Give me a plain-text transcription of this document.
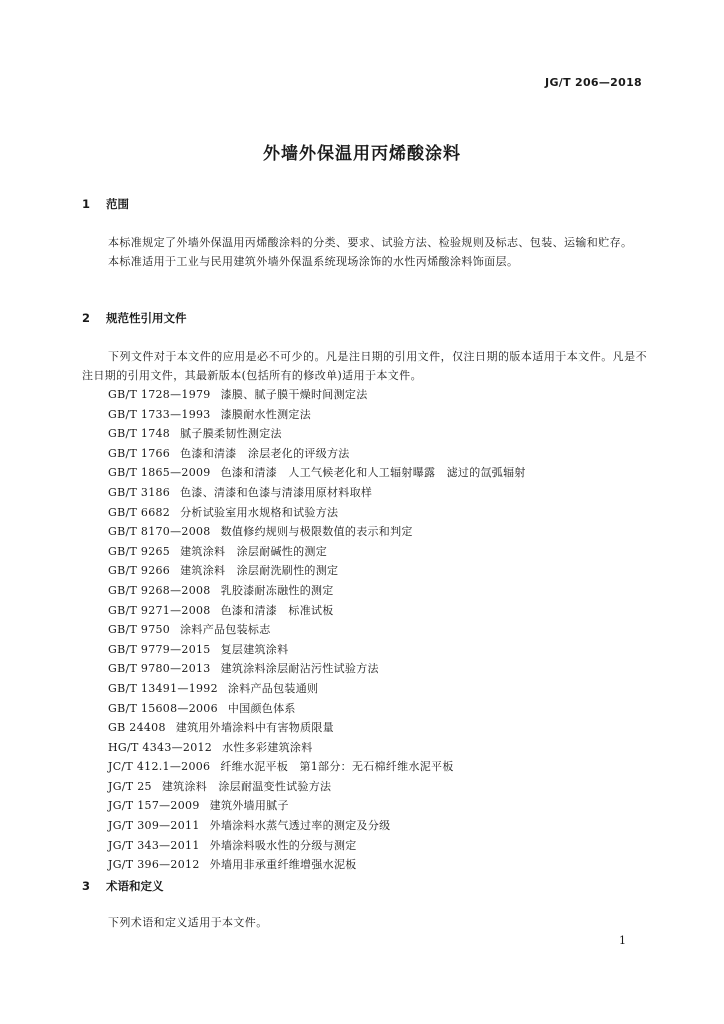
JG/T 206—2018
外墙外保温用丙烯酸涂料
1 范围

本标准规定了外墙外保温用丙烯酸涂料的分类、要求、试验方法、检验规则及标志、包装、运输和贮存。

本标准适用于工业与民用建筑外墙外保温系统现场涂饰的水性丙烯酸涂料饰面层。

2 规范性引用文件

下列文件对于本文件的应用是必不可少的。凡是注日期的引用文件，仅注日期的版本适用于本文件。凡是不注日期的引用文件，其最新版本(包括所有的修改单)适用于本文件。

GB/T 1728—1979 漆膜、腻子膜干燥时间测定法
GB/T 1733—1993 漆膜耐水性测定法
GB/T 1748 腻子膜柔韧性测定法
GB/T 1766 色漆和清漆　涂层老化的评级方法
GB/T 1865—2009 色漆和清漆　人工气候老化和人工辐射曝露　滤过的氙弧辐射
GB/T 3186 色漆、清漆和色漆与清漆用原材料取样
GB/T 6682 分析试验室用水规格和试验方法
GB/T 8170—2008 数值修约规则与极限数值的表示和判定
GB/T 9265 建筑涂料　涂层耐碱性的测定
GB/T 9266 建筑涂料　涂层耐洗刷性的测定
GB/T 9268—2008 乳胶漆耐冻融性的测定
GB/T 9271—2008 色漆和清漆　标准试板
GB/T 9750 涂料产品包装标志
GB/T 9779—2015 复层建筑涂料
GB/T 9780—2013 建筑涂料涂层耐沾污性试验方法
GB/T 13491—1992 涂料产品包装通则
GB/T 15608—2006 中国颜色体系
GB 24408 建筑用外墙涂料中有害物质限量
HG/T 4343—2012 水性多彩建筑涂料
JC/T 412.1—2006 纤维水泥平板　第1部分：无石棉纤维水泥平板
JG/T 25 建筑涂料　涂层耐温变性试验方法
JG/T 157—2009 建筑外墙用腻子
JG/T 309—2011 外墙涂料水蒸气透过率的测定及分级
JG/T 343—2011 外墙涂料吸水性的分级与测定
JG/T 396—2012 外墙用非承重纤维增强水泥板
3 术语和定义

下列术语和定义适用于本文件。

1
